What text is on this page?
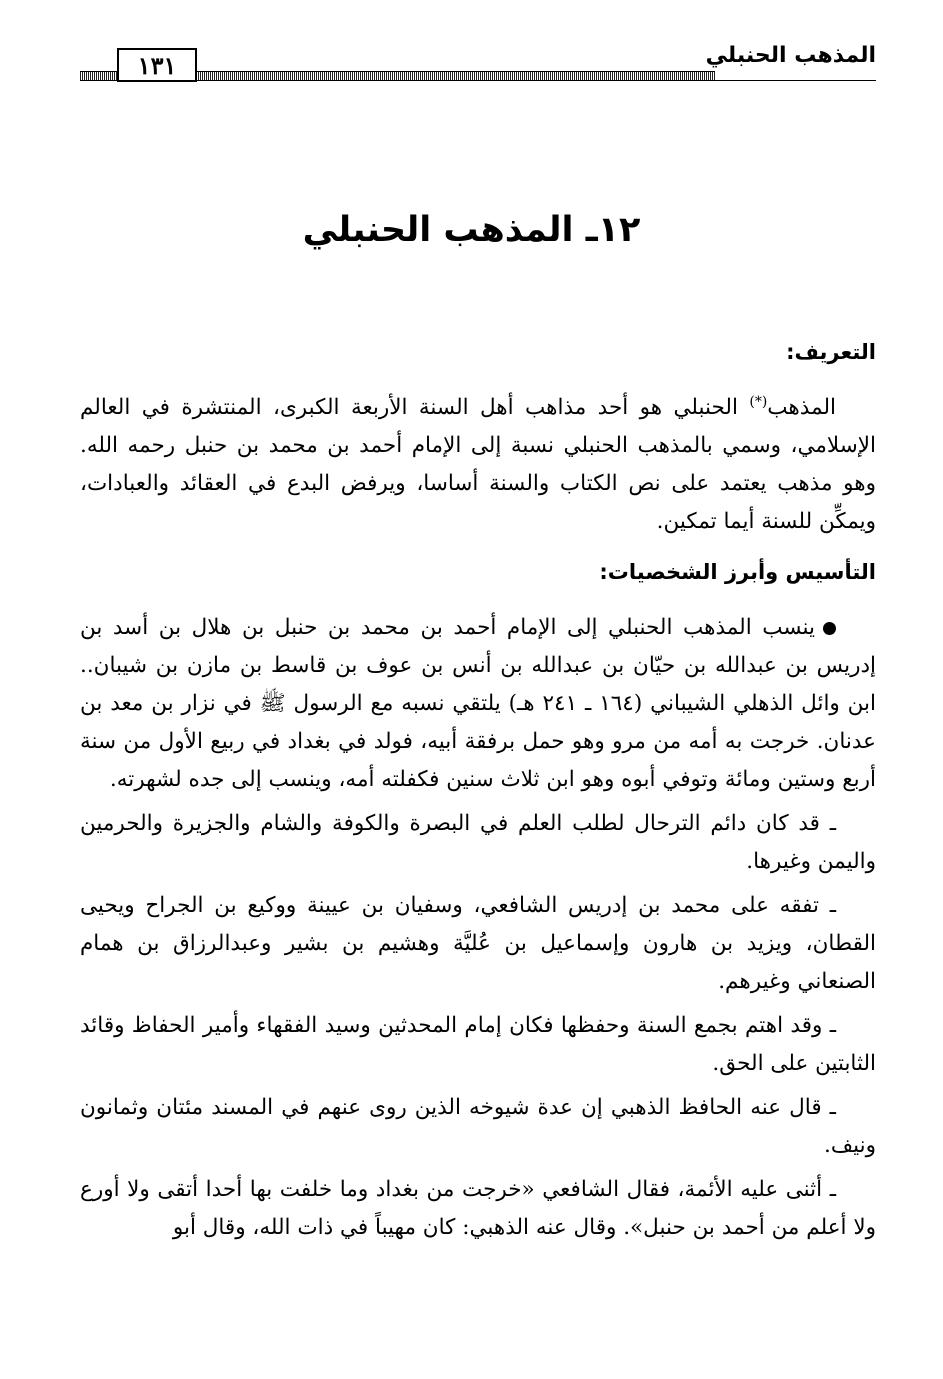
المذهب الحنبلي
١٣١
١٢ـ المذهب الحنبلي
التعريف:

المذهب(*) الحنبلي هو أحد مذاهب أهل السنة الأربعة الكبرى، المنتشرة في العالم الإسلامي، وسمي بالمذهب الحنبلي نسبة إلى الإمام أحمد بن محمد بن حنبل رحمه الله. وهو مذهب يعتمد على نص الكتاب والسنة أساسا، ويرفض البدع في العقائد والعبادات، ويمكِّن للسنة أيما تمكين.

التأسيس وأبرز الشخصيات:

ينسب المذهب الحنبلي إلى الإمام أحمد بن محمد بن حنبل بن هلال بن أسد بن إدريس بن عبدالله بن حيّان بن عبدالله بن أنس بن عوف بن قاسط بن مازن بن شيبان.. ابن وائل الذهلي الشيباني (١٦٤ ـ ٢٤١ هـ) يلتقي نسبه مع الرسول ﷺ في نزار بن معد بن عدنان. خرجت به أمه من مرو وهو حمل برفقة أبيه، فولد في بغداد في ربيع الأول من سنة أربع وستين ومائة وتوفي أبوه وهو ابن ثلاث سنين فكفلته أمه، وينسب إلى جده لشهرته.

ـ قد كان دائم الترحال لطلب العلم في البصرة والكوفة والشام والجزيرة والحرمين واليمن وغيرها.

ـ تفقه على محمد بن إدريس الشافعي، وسفيان بن عيينة ووكيع بن الجراح ويحيى القطان، ويزيد بن هارون وإسماعيل بن عُليَّة وهشيم بن بشير وعبدالرزاق بن همام الصنعاني وغيرهم.

ـ وقد اهتم بجمع السنة وحفظها فكان إمام المحدثين وسيد الفقهاء وأمير الحفاظ وقائد الثابتين على الحق.

ـ قال عنه الحافظ الذهبي إن عدة شيوخه الذين روى عنهم في المسند مئتان وثمانون ونيف.

ـ أثنى عليه الأئمة، فقال الشافعي «خرجت من بغداد وما خلفت بها أحدا أتقى ولا أورع ولا أعلم من أحمد بن حنبل». وقال عنه الذهبي: كان مهيباً في ذات الله، وقال أبو
